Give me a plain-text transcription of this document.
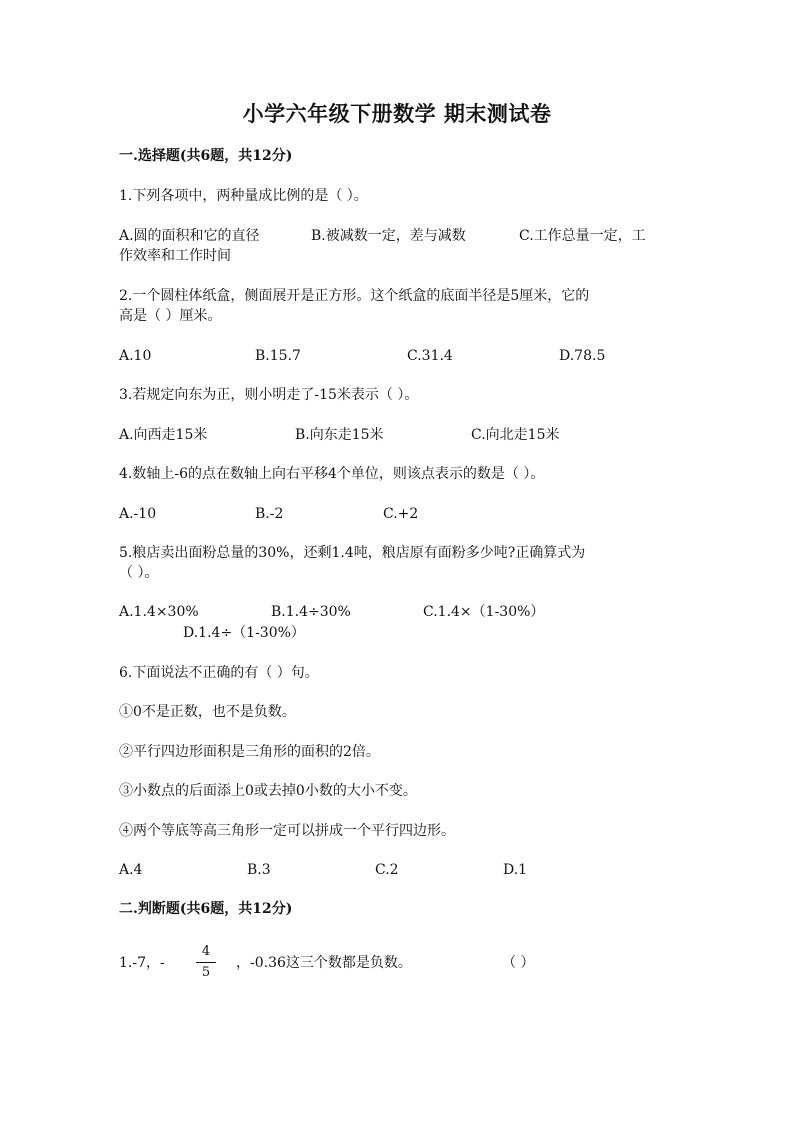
小学六年级下册数学 期末测试卷
一.选择题(共6题，共12分)
1.下列各项中，两种量成比例的是（ ）。
A.圆的面积和它的直径	B.被减数一定，差与减数	C.工作总量一定，工
作效率和工作时间
2.一个圆柱体纸盒，侧面展开是正方形。这个纸盒的底面半径是5厘米，它的
高是（ ）厘米。
A.10	B.15.7	C.31.4	D.78.5
3.若规定向东为正，则小明走了-15米表示（ ）。
A.向西走15米	B.向东走15米	C.向北走15米
4.数轴上-6的点在数轴上向右平移4个单位，则该点表示的数是（ ）。
A.-10	B.-2	C.+2
5.粮店卖出面粉总量的30%，还剩1.4吨，粮店原有面粉多少吨?正确算式为
（ ）。
A.1.4×30%	B.1.4÷30%	C.1.4×（1-30%）
D.1.4÷（1-30%）
6.下面说法不正确的有（ ）句。
①0不是正数，也不是负数。
②平行四边形面积是三角形的面积的2倍。
③小数点的后面添上0或去掉0小数的大小不变。
④两个等底等高三角形一定可以拼成一个平行四边形。
A.4	B.3	C.2	D.1
二.判断题(共6题，共12分)
1.-7，- $\frac{4}{5}$ ，-0.36这三个数都是负数。	（ ）
